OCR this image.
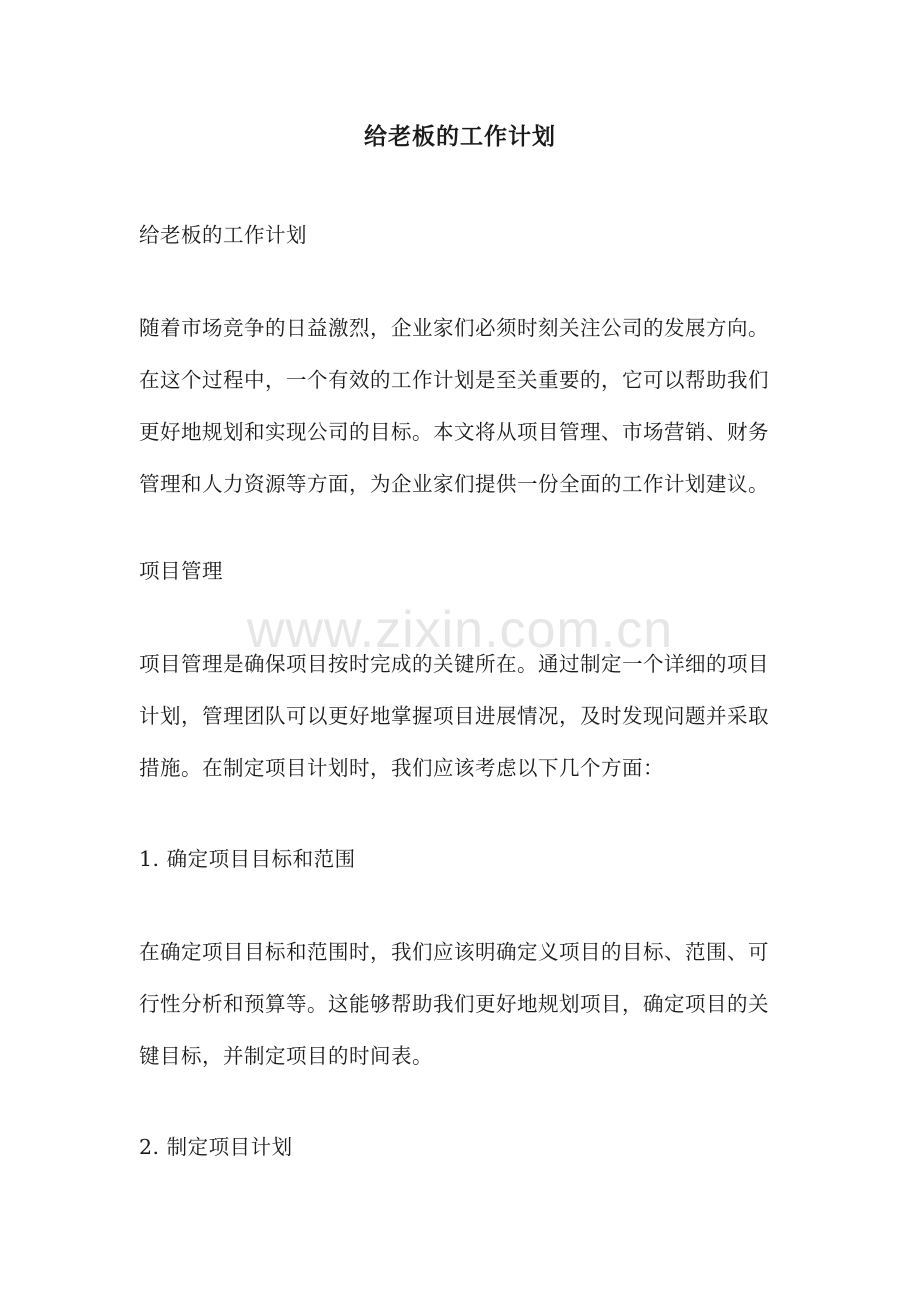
www.zixin.com.cn
给老板的工作计划
给老板的工作计划
随着市场竞争的日益激烈，企业家们必须时刻关注公司的发展方向。
在这个过程中，一个有效的工作计划是至关重要的，它可以帮助我们
更好地规划和实现公司的目标。本文将从项目管理、市场营销、财务
管理和人力资源等方面，为企业家们提供一份全面的工作计划建议。
项目管理
项目管理是确保项目按时完成的关键所在。通过制定一个详细的项目
计划，管理团队可以更好地掌握项目进展情况，及时发现问题并采取
措施。在制定项目计划时，我们应该考虑以下几个方面：
1. 确定项目目标和范围
在确定项目目标和范围时，我们应该明确定义项目的目标、范围、可
行性分析和预算等。这能够帮助我们更好地规划项目，确定项目的关
键目标，并制定项目的时间表。
2. 制定项目计划
